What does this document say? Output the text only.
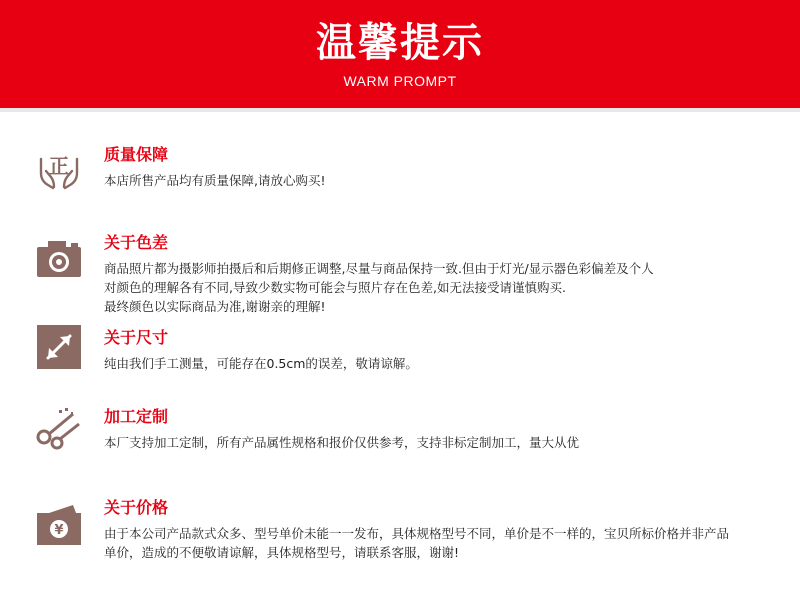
温馨提示
WARM PROMPT
正 质量保障
本店所售产品均有质量保障,请放心购买!
关于色差
商品照片都为摄影师拍摄后和后期修正调整,尽量与商品保持一致.但由于灯光/显示器色彩偏差及个人
对颜色的理解各有不同,导致少数实物可能会与照片存在色差,如无法接受请谨慎购买.
最终颜色以实际商品为准,谢谢亲的理解!
关于尺寸
纯由我们手工测量，可能存在0.5cm的误差，敬请谅解。
加工定制
本厂支持加工定制，所有产品属性规格和报价仅供参考，支持非标定制加工，量大从优
¥
关于价格
由于本公司产品款式众多、型号单价未能一一发布，具体规格型号不同，单价是不一样的，宝贝所标价格并非产品
单价，造成的不便敬请谅解，具体规格型号，请联系客服，谢谢!
